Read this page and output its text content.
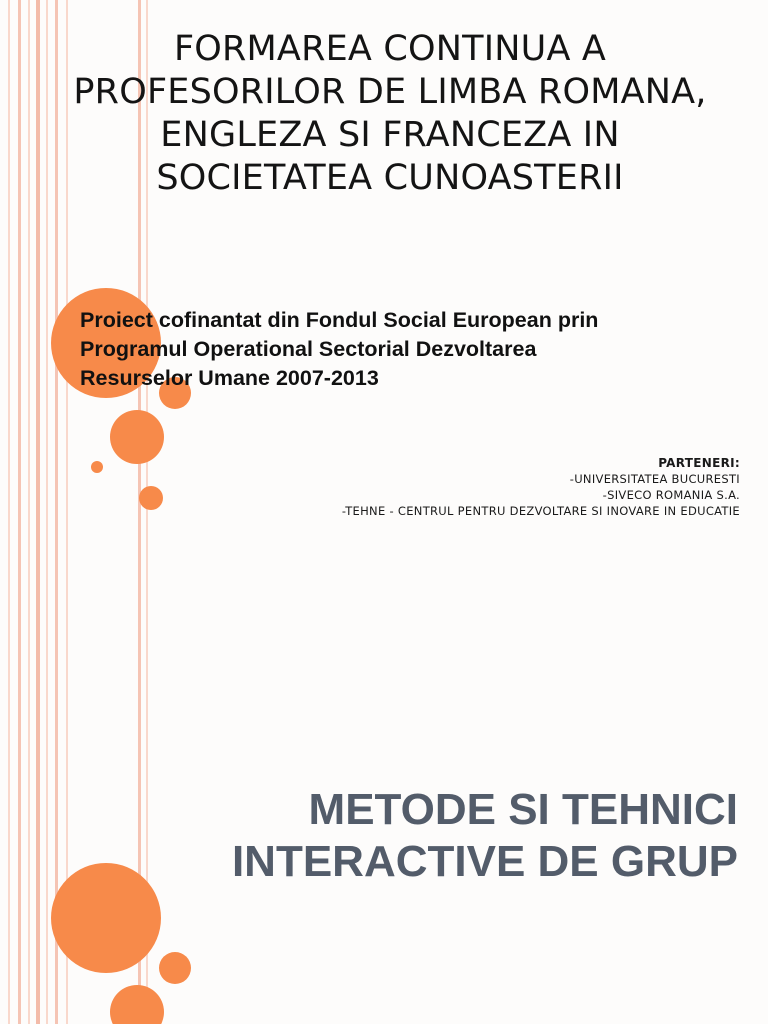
FORMAREA CONTINUA A
PROFESORILOR DE LIMBA ROMANA,
ENGLEZA SI FRANCEZA IN
SOCIETATEA CUNOASTERII

Proiect cofinantat din Fondul Social European prin
Programul Operational Sectorial Dezvoltarea
Resurselor Umane 2007-2013

PARTENERI:
-UNIVERSITATEA BUCURESTI
-SIVECO ROMANIA S.A.
-TEHNE - CENTRUL PENTRU DEZVOLTARE SI INOVARE IN EDUCATIE
METODE SI TEHNICI
INTERACTIVE DE GRUP
